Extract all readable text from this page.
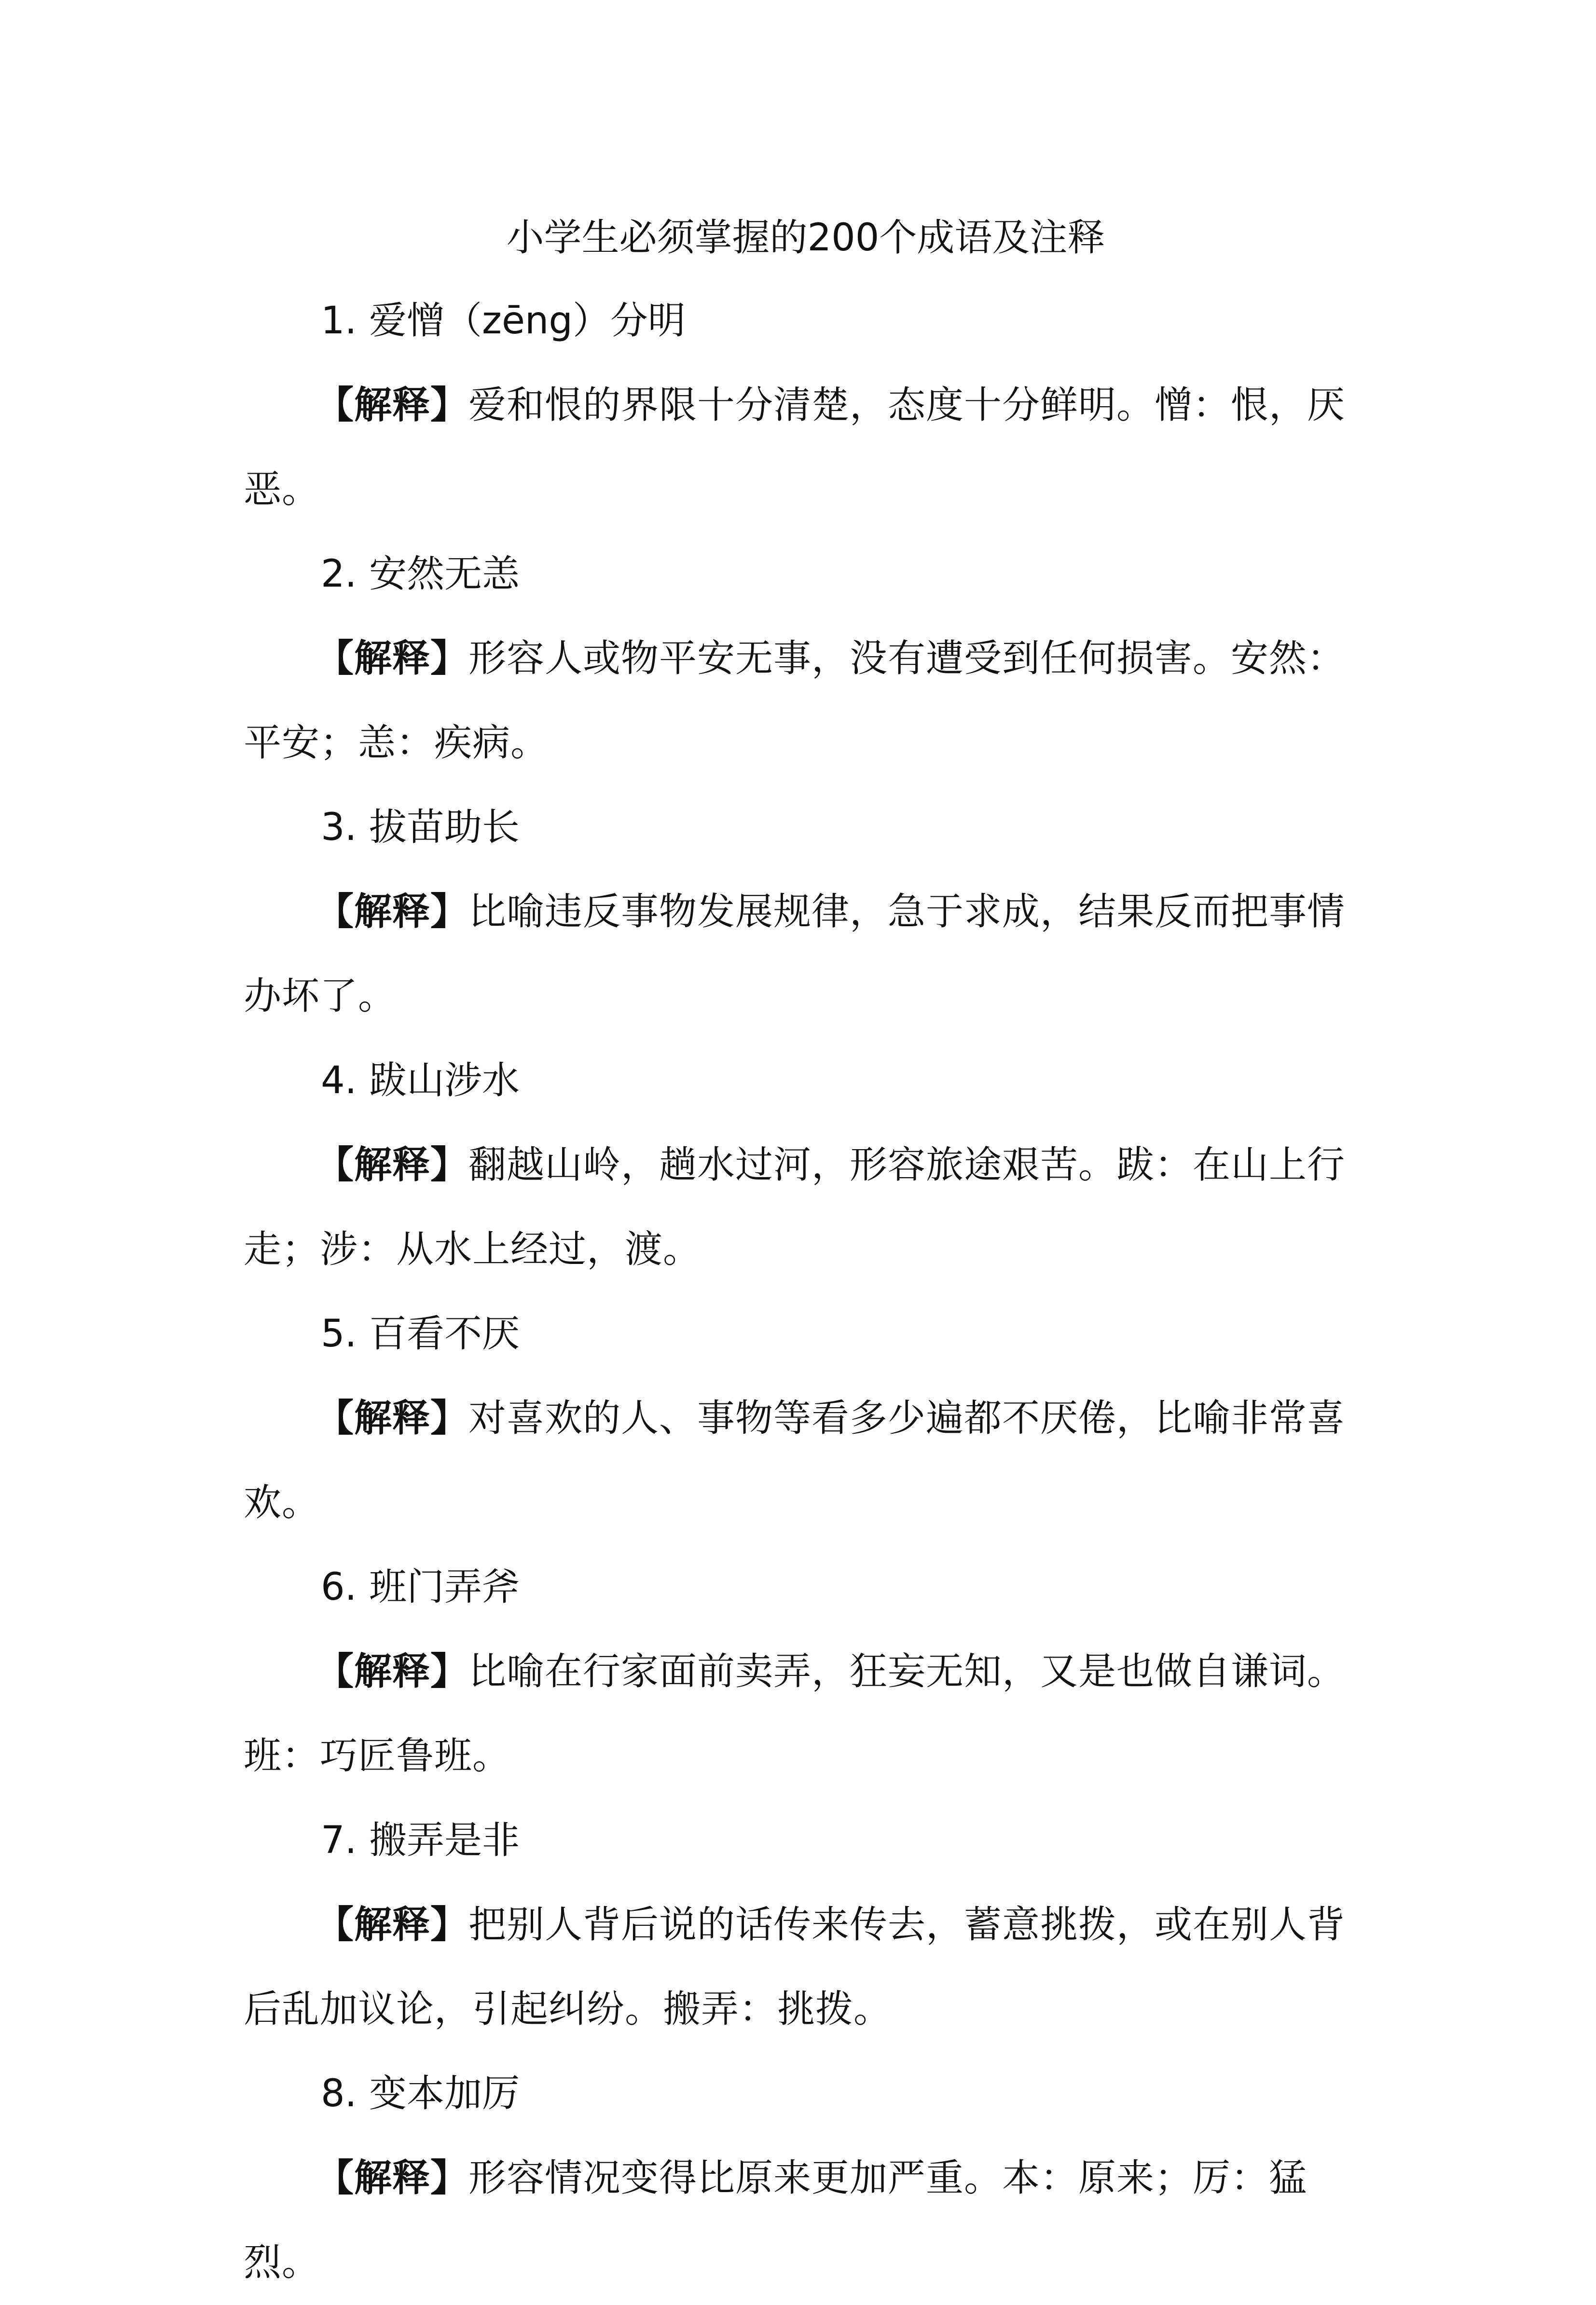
小学生必须掌握的200个成语及注释

1. 爱憎（zēng）分明

【解释】爱和恨的界限十分清楚，态度十分鲜明。憎：恨，厌恶。

2. 安然无恙

【解释】形容人或物平安无事，没有遭受到任何损害。安然：平安；恙：疾病。

3. 拔苗助长

【解释】比喻违反事物发展规律，急于求成，结果反而把事情办坏了。

4. 跋山涉水

【解释】翻越山岭，趟水过河，形容旅途艰苦。跋：在山上行走；涉：从水上经过，渡。

5. 百看不厌

【解释】对喜欢的人、事物等看多少遍都不厌倦，比喻非常喜欢。

6. 班门弄斧

【解释】比喻在行家面前卖弄，狂妄无知，又是也做自谦词。班：巧匠鲁班。

7. 搬弄是非

【解释】把别人背后说的话传来传去，蓄意挑拨，或在别人背后乱加议论，引起纠纷。搬弄：挑拨。

8. 变本加厉

【解释】形容情况变得比原来更加严重。本：原来；厉：猛烈。
